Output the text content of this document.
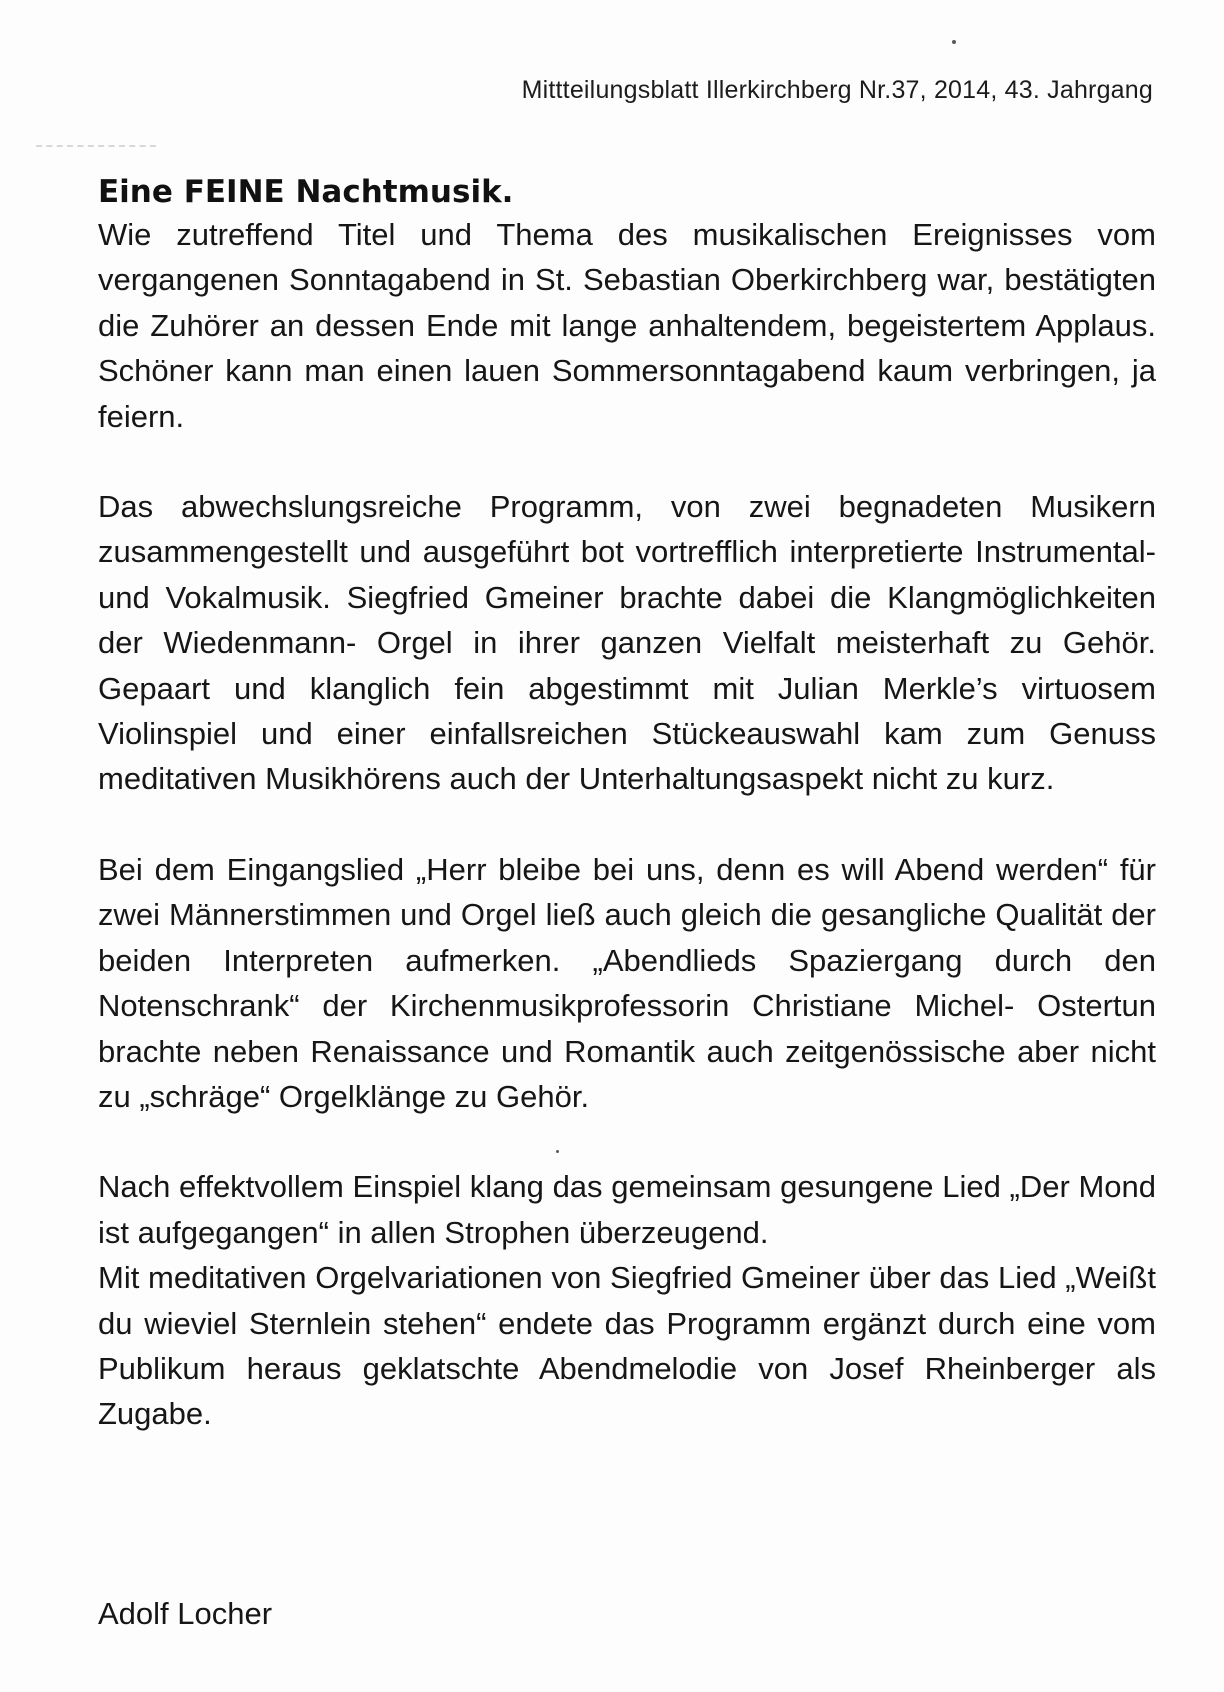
Mittteilungsblatt Illerkirchberg Nr.37, 2014, 43. Jahrgang
Eine FEINE Nachtmusik.

Wie zutreffend Titel und Thema des musikalischen Ereignisses vom vergangenen Sonntagabend in St. Sebastian Oberkirchberg war, bestätigten die Zuhörer an dessen Ende mit lange anhaltendem, begeistertem Applaus. Schöner kann man einen lauen Sommersonntagabend kaum verbringen, ja feiern.

Das abwechslungsreiche Programm, von zwei begnadeten Musikern zusammengestellt und ausgeführt bot vortrefflich interpretierte Instrumental- und Vokalmusik. Siegfried Gmeiner brachte dabei die Klangmöglichkeiten der Wiedenmann- Orgel in ihrer ganzen Vielfalt meisterhaft zu Gehör. Gepaart und klanglich fein abgestimmt mit Julian Merkle’s virtuosem Violinspiel und einer einfallsreichen Stückeauswahl kam zum Genuss meditativen Musikhörens auch der Unterhaltungsaspekt nicht zu kurz.

Bei dem Eingangslied „Herr bleibe bei uns, denn es will Abend werden“ für zwei Männerstimmen und Orgel ließ auch gleich die gesangliche Qualität der beiden Interpreten aufmerken. „Abendlieds Spaziergang durch den Notenschrank“ der Kirchenmusikprofessorin Christiane Michel- Ostertun brachte neben Renaissance und Romantik auch zeitgenössische aber nicht zu „schräge“ Orgelklänge zu Gehör.

Nach effektvollem Einspiel klang das gemeinsam gesungene Lied „Der Mond ist aufgegangen“ in allen Strophen überzeugend.

Mit meditativen Orgelvariationen von Siegfried Gmeiner über das Lied „Weißt du wieviel Sternlein stehen“ endete das Programm ergänzt durch eine vom Publikum heraus geklatschte Abendmelodie von Josef Rheinberger als Zugabe.

Adolf Locher
